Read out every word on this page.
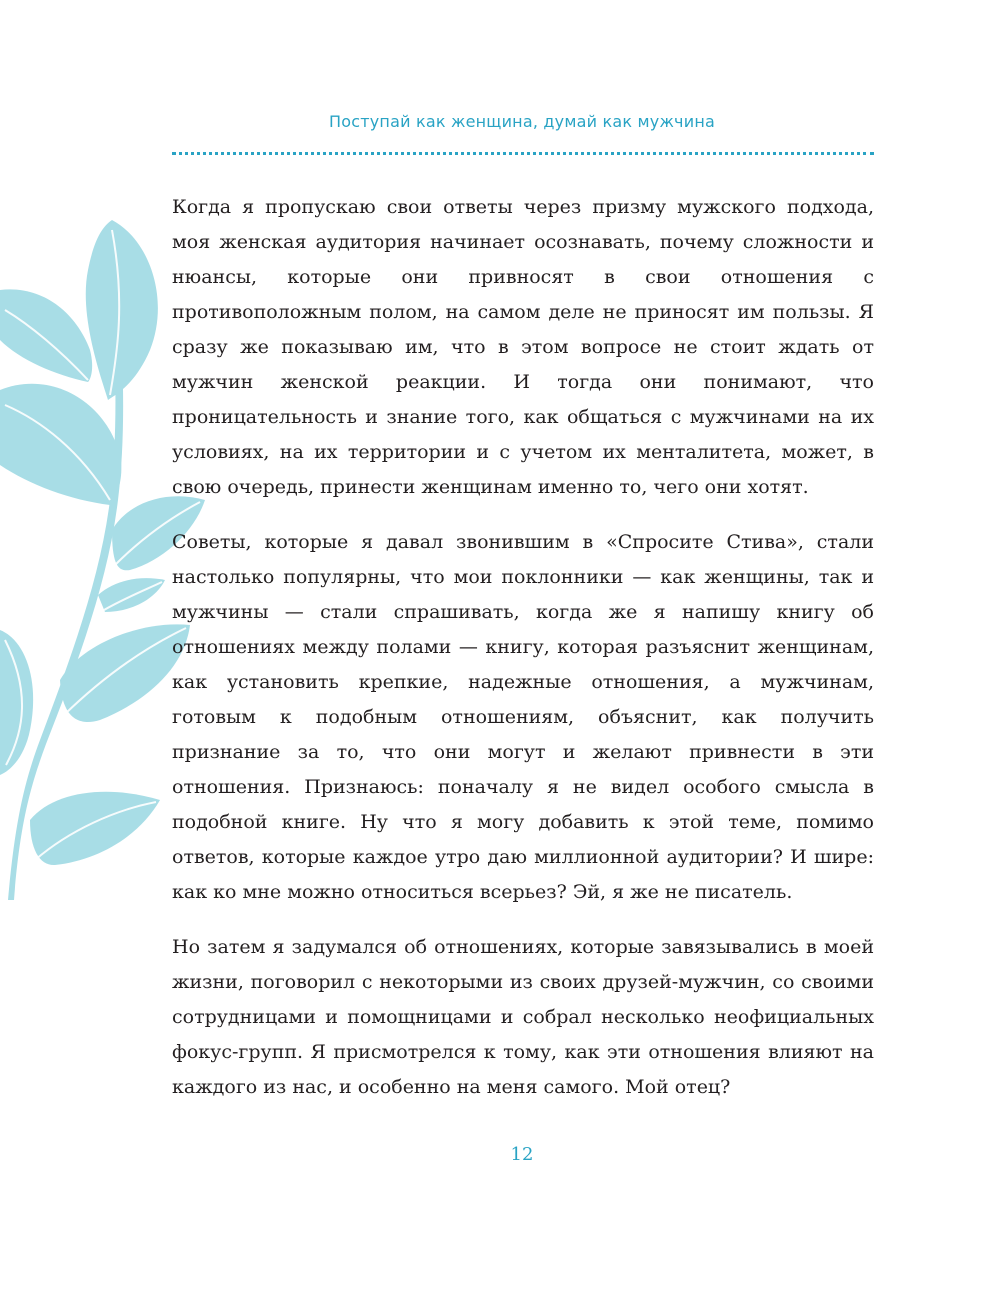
Поступай как женщина, думай как мужчина

Когда я пропускаю свои ответы через призму мужского подхода, моя женская аудитория начинает осознавать, почему сложности и нюансы, которые они привносят в свои отношения с противоположным полом, на самом деле не приносят им пользы. Я сразу же показываю им, что в этом вопросе не стоит ждать от мужчин женской реакции. И тогда они понимают, что проницательность и знание того, как общаться с мужчинами на их условиях, на их территории и с учетом их менталитета, может, в свою очередь, принести женщинам именно то, чего они хотят.

Советы, которые я давал звонившим в «Спросите Стива», стали настолько популярны, что мои поклонники — как женщины, так и мужчины — стали спрашивать, когда же я напишу книгу об отношениях между полами — книгу, которая разъяснит женщинам, как установить крепкие, надежные отношения, а мужчинам, готовым к подобным отношениям, объяснит, как получить признание за то, что они могут и желают привнести в эти отношения. Признаюсь: поначалу я не видел особого смысла в подобной книге. Ну что я могу добавить к этой теме, помимо ответов, которые каждое утро даю миллионной аудитории? И шире: как ко мне можно относиться всерьез? Эй, я же не писатель.

Но затем я задумался об отношениях, которые завязывались в моей жизни, поговорил с некоторыми из своих друзей-мужчин, со своими сотрудницами и помощницами и собрал несколько неофициальных фокус-групп. Я присмотрелся к тому, как эти отношения влияют на каждого из нас, и особенно на меня самого. Мой отец?

12
